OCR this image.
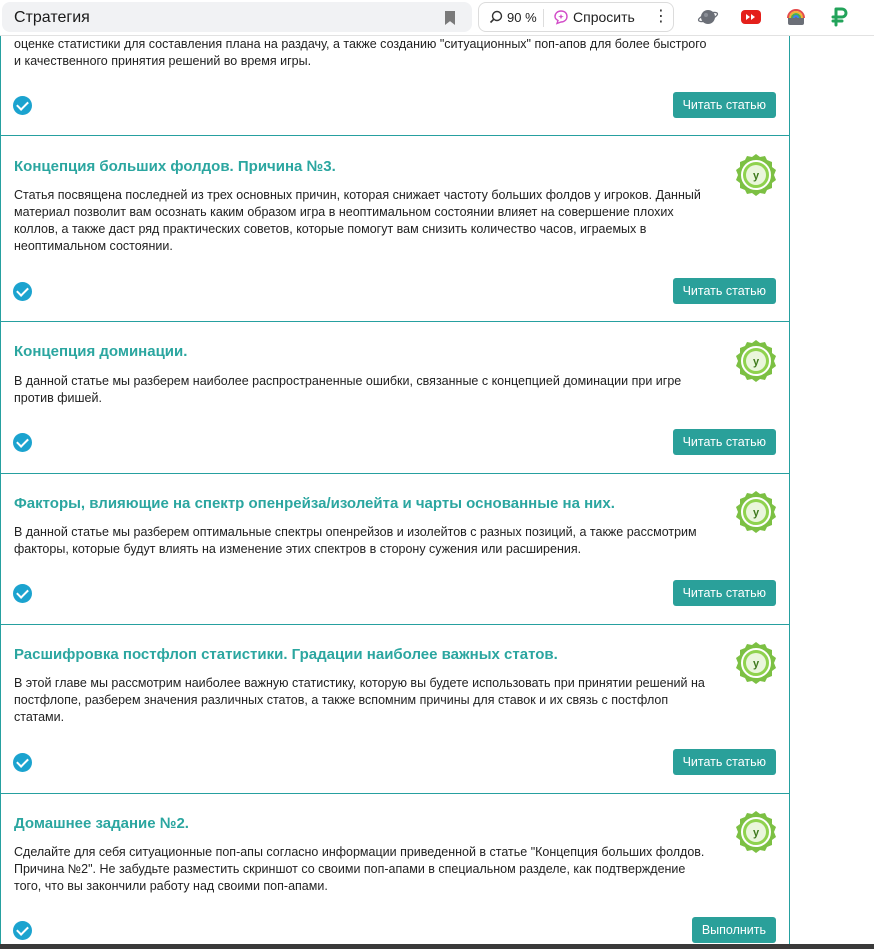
оценке статистики для составления плана на раздачу, а также созданию "ситуационных" поп-апов для более быстрого и качественного принятия решений во время игры.
Читать статью
Концепция больших фолдов. Причина №3.
Статья посвящена последней из трех основных причин, которая снижает частоту больших фолдов у игроков. Данный материал позволит вам осознать каким образом игра в неоптимальном состоянии влияет на совершение плохих коллов, а также даст ряд практических советов, которые помогут вам снизить количество часов, играемых в неоптимальном состоянии.
у
Читать статью
Концепция доминации.
В данной статье мы разберем наиболее распространенные ошибки, связанные с концепцией доминации при игре против фишей.
у
Читать статью
Факторы, влияющие на спектр опенрейза/изолейта и чарты основанные на них.
В данной статье мы разберем оптимальные спектры опенрейзов и изолейтов с разных позиций, а также рассмотрим факторы, которые будут влиять на изменение этих спектров в сторону сужения или расширения.
у
Читать статью
Расшифровка постфлоп статистики. Градации наиболее важных статов.
В этой главе мы рассмотрим наиболее важную статистику, которую вы будете использовать при принятии решений на постфлопе, разберем значения различных статов, а также вспомним причины для ставок и их связь с постфлоп статами.
у
Читать статью
Домашнее задание №2.
Сделайте для себя ситуационные поп-апы согласно информации приведенной в статье "Концепция больших фолдов. Причина №2". Не забудьте разместить скриншот со своими поп-апами в специальном разделе, как подтверждение того, что вы закончили работу над своими поп-апами.
у
Выполнить
Стратегия	90 %	Спросить ⋮
